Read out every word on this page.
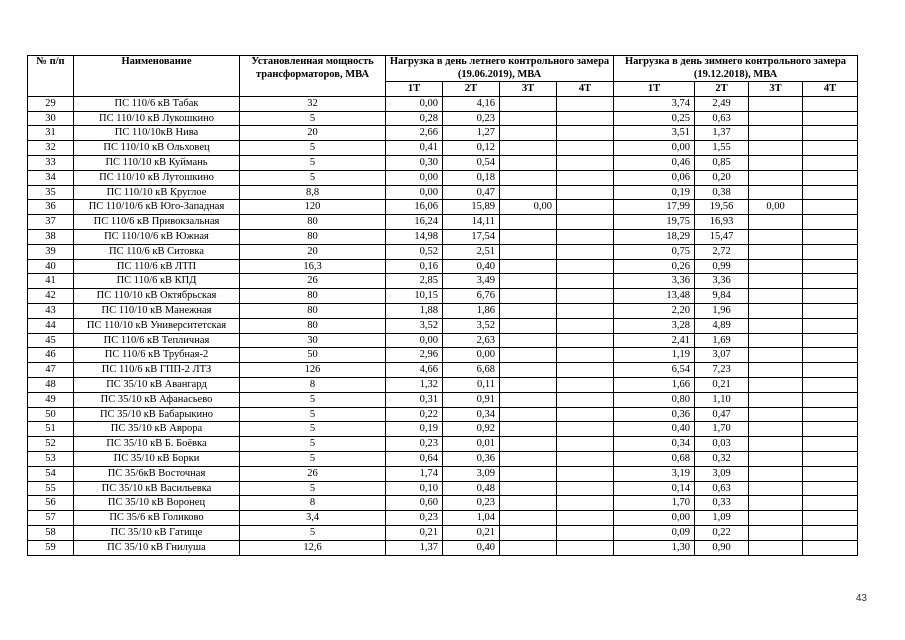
№ п/п	Наименование	Установленная мощность трансформаторов, МВА	Нагрузка в день летнего контрольного замера (19.06.2019), МВА				Нагрузка в день зимнего контрольного замера (19.12.2018), МВА			
			1Т	2Т	3Т	4Т	1Т	2Т	3Т	4Т
29	ПС 110/6 кВ Табак	32	0,00	4,16			3,74	2,49		
30	ПС 110/10 кВ Лукошкино	5	0,28	0,23			0,25	0,63		
31	ПС 110/10кВ Нива	20	2,66	1,27			3,51	1,37		
32	ПС 110/10 кВ Ольховец	5	0,41	0,12			0,00	1,55		
33	ПС 110/10 кВ Куймань	5	0,30	0,54			0,46	0,85		
34	ПС 110/10 кВ Лутошкино	5	0,00	0,18			0,06	0,20		
35	ПС 110/10 кВ Круглое	8,8	0,00	0,47			0,19	0,38		
36	ПС 110/10/6 кВ Юго-Западная	120	16,06	15,89	0,00		17,99	19,56	0,00	
37	ПС 110/6 кВ Привокзальная	80	16,24	14,11			19,75	16,93		
38	ПС 110/10/6 кВ Южная	80	14,98	17,54			18,29	15,47		
39	ПС 110/6 кВ Ситовка	20	0,52	2,51			0,75	2,72		
40	ПС 110/6 кВ ЛТП	16,3	0,16	0,40			0,26	0,99		
41	ПС 110/6 кВ КПД	26	2,85	3,49			3,36	3,36		
42	ПС 110/10 кВ Октябрьская	80	10,15	6,76			13,48	9,84		
43	ПС 110/10 кВ Манежная	80	1,88	1,86			2,20	1,96		
44	ПС 110/10 кВ Университетская	80	3,52	3,52			3,28	4,89		
45	ПС 110/6 кВ Тепличная	30	0,00	2,63			2,41	1,69		
46	ПС 110/6 кВ Трубная-2	50	2,96	0,00			1,19	3,07		
47	ПС 110/6 кВ ГПП-2 ЛТЗ	126	4,66	6,68			6,54	7,23		
48	ПС 35/10 кВ Авангард	8	1,32	0,11			1,66	0,21		
49	ПС 35/10 кВ Афанасьево	5	0,31	0,91			0,80	1,10		
50	ПС 35/10 кВ Бабарыкино	5	0,22	0,34			0,36	0,47		
51	ПС 35/10 кВ Аврора	5	0,19	0,92			0,40	1,70		
52	ПС 35/10 кВ Б. Боёвка	5	0,23	0,01			0,34	0,03		
53	ПС 35/10 кВ Борки	5	0,64	0,36			0,68	0,32		
54	ПС 35/6кВ Восточная	26	1,74	3,09			3,19	3,09		
55	ПС 35/10 кВ Васильевка	5	0,10	0,48			0,14	0,63		
56	ПС 35/10 кВ Воронец	8	0,60	0,23			1,70	0,33		
57	ПС 35/6 кВ Голиково	3,4	0,23	1,04			0,00	1,09		
58	ПС 35/10 кВ Гатище	5	0,21	0,21			0,09	0,22		
59	ПС 35/10 кВ Гнилуша	12,6	1,37	0,40			1,30	0,90		
43
